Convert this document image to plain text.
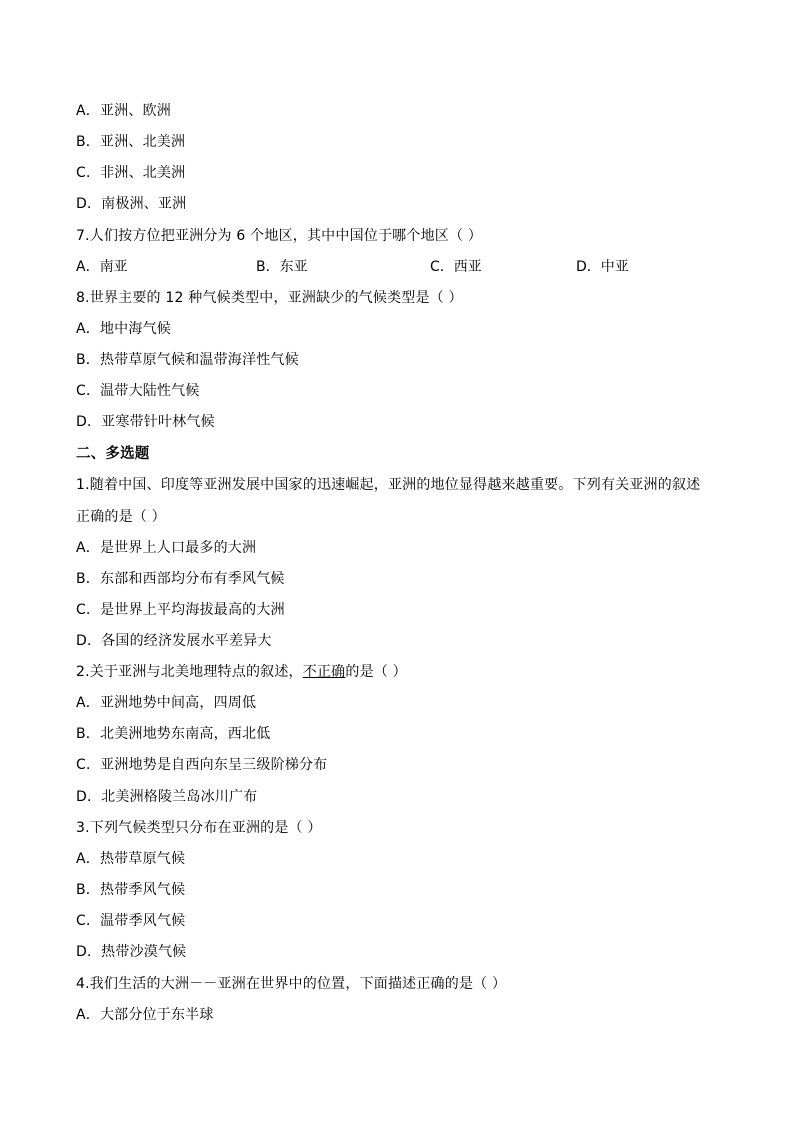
A．亚洲、欧洲
B．亚洲、北美洲
C．非洲、北美洲
D．南极洲、亚洲
7.人们按方位把亚洲分为 6 个地区，其中中国位于哪个地区（ ）
A．南亚	B．东亚	C．西亚	D．中亚
8.世界主要的 12 种气候类型中，亚洲缺少的气候类型是（ ）
A．地中海气候
B．热带草原气候和温带海洋性气候
C．温带大陆性气候
D．亚寒带针叶林气候
二、多选题
1.随着中国、印度等亚洲发展中国家的迅速崛起，亚洲的地位显得越来越重要。下列有关亚洲的叙述
正确的是（ ）
A．是世界上人口最多的大洲
B．东部和西部均分布有季风气候
C．是世界上平均海拔最高的大洲
D．各国的经济发展水平差异大
2.关于亚洲与北美地理特点的叙述，不正确的是（ ）
A．亚洲地势中间高，四周低
B．北美洲地势东南高，西北低
C．亚洲地势是自西向东呈三级阶梯分布
D．北美洲格陵兰岛冰川广布
3.下列气候类型只分布在亚洲的是（ ）
A．热带草原气候
B．热带季风气候
C．温带季风气候
D．热带沙漠气候
4.我们生活的大洲－－亚洲在世界中的位置，下面描述正确的是（ ）
A．大部分位于东半球
